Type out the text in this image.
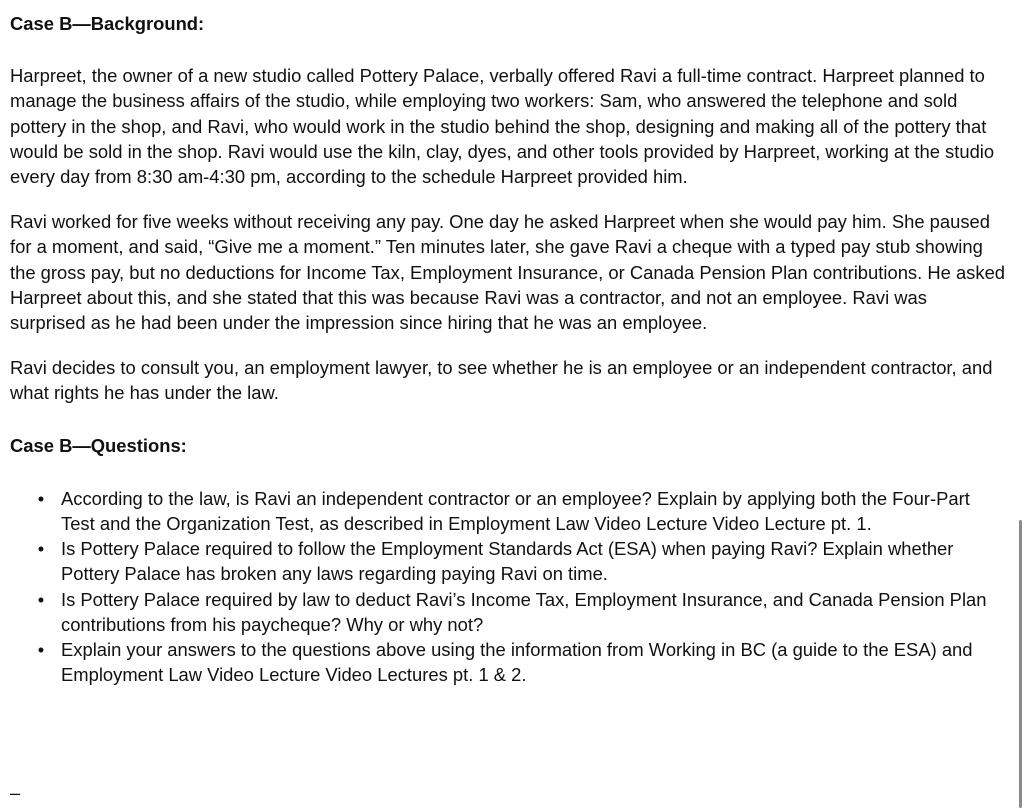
Case B—Background:

Harpreet, the owner of a new studio called Pottery Palace, verbally offered Ravi a full-time contract. Harpreet planned to manage the business affairs of the studio, while employing two workers: Sam, who answered the telephone and sold pottery in the shop, and Ravi, who would work in the studio behind the shop, designing and making all of the pottery that would be sold in the shop. Ravi would use the kiln, clay, dyes, and other tools provided by Harpreet, working at the studio every day from 8:30 am-4:30 pm, according to the schedule Harpreet provided him.

Ravi worked for five weeks without receiving any pay. One day he asked Harpreet when she would pay him. She paused for a moment, and said, “Give me a moment.” Ten minutes later, she gave Ravi a cheque with a typed pay stub showing the gross pay, but no deductions for Income Tax, Employment Insurance, or Canada Pension Plan contributions. He asked Harpreet about this, and she stated that this was because Ravi was a contractor, and not an employee. Ravi was surprised as he had been under the impression since hiring that he was an employee.

Ravi decides to consult you, an employment lawyer, to see whether he is an employee or an independent contractor, and what rights he has under the law.

Case B—Questions:
• According to the law, is Ravi an independent contractor or an employee? Explain by applying both the Four-Part Test and the Organization Test, as described in Employment Law Video Lecture Video Lecture pt. 1.
• Is Pottery Palace required to follow the Employment Standards Act (ESA) when paying Ravi? Explain whether Pottery Palace has broken any laws regarding paying Ravi on time.
• Is Pottery Palace required by law to deduct Ravi’s Income Tax, Employment Insurance, and Canada Pension Plan contributions from his paycheque? Why or why not?
• Explain your answers to the questions above using the information from Working in BC (a guide to the ESA) and Employment Law Video Lecture Video Lectures pt. 1 & 2.
–
